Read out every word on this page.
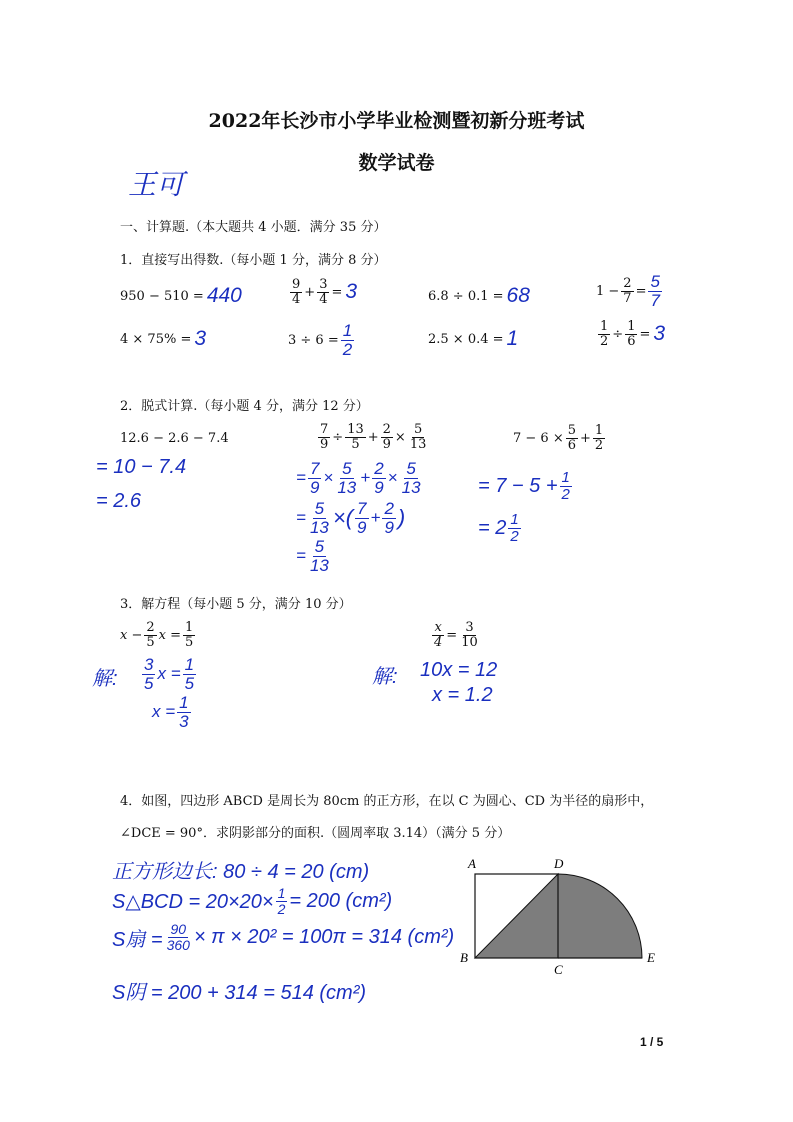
2022年长沙市小学毕业检测暨初新分班考试
数学试卷
王可
一、计算题.（本大题共 4 小题．满分 35 分）
1．直接写出得数.（每小题 1 分，满分 8 分）
950 − 510 = 440	$\frac{9}{4} + \frac{3}{4} = 3$	6.8 ÷ 0.1 = 68	$1 - \frac{2}{7} = \frac{5}{7}$
4 × 75% = 3	$3 \div 6 = \frac{1}{2}$	2.5 × 0.4 = 1	$\frac{1}{2} \div \frac{1}{6} = 3$
2．脱式计算.（每小题 4 分，满分 12 分）
12.6 − 2.6 − 7.4
= 10 − 7.4
= 2.6
$\frac{7}{9} \div \frac{13}{5} + \frac{2}{9} \times \frac{5}{13}$
= $\frac{7}{9} \times \frac{5}{13} + \frac{2}{9} \times \frac{5}{13}$
= $\frac{5}{13}$ ×( $\frac{7}{9} + \frac{2}{9}$ )
= $\frac{5}{13}$
$7 - 6 \times \frac{5}{6} + \frac{1}{2}$
= $7 - 5 + \frac{1}{2}$
= $2 \frac{1}{2}$
3．解方程（每小题 5 分，满分 10 分）
$x - \frac{2}{5}$ $x = \frac{1}{5}$
解: $\frac{3}{5}$ $x = \frac{1}{5}$
$x = \frac{1}{3}$
$\frac{x}{4} = \frac{3}{10}$
解: 10x = 12
x = 1.2
4．如图，四边形 ABCD 是周长为 80cm 的正方形，在以 C 为圆心、CD 为半径的扇形中，
∠DCE = 90°．求阴影部分的面积.（圆周率取 3.14）（满分 5 分）
正方形边长: 80 ÷ 4 = 20 (cm)
S△BCD = $20\times 20\times \frac{1}{2} = 200$ (cm²)
S扇 = $\frac{90}{360} \times \pi \times 20^2 = 100\pi = 314$ (cm²)
S阴 = 200 + 314 = 514 (cm²)
A	D
B
C
E
1 / 5
